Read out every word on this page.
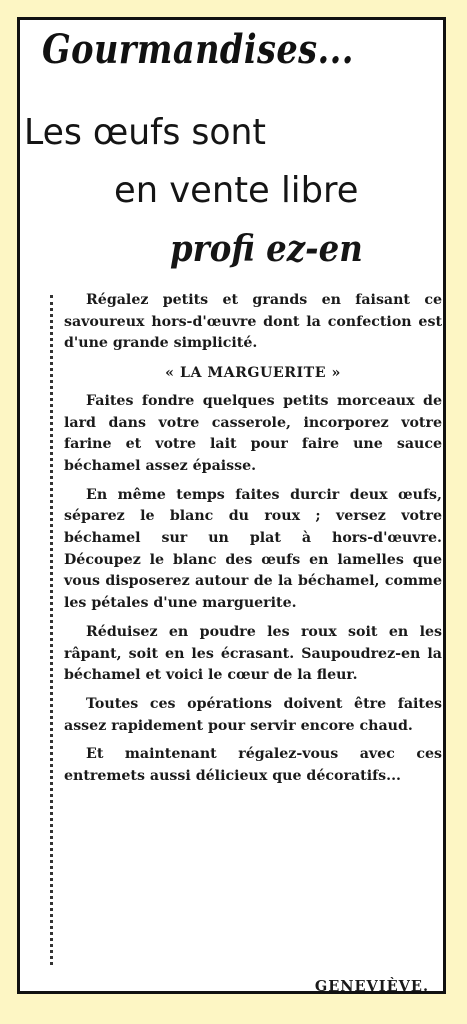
Gourmandises...
Les œufs sont
en vente libre
profi ez-en

Régalez petits et grands en faisant ce savoureux hors-d'œuvre dont la confection est d'une grande simplicité.

« LA MARGUERITE »

Faites fondre quelques petits morceaux de lard dans votre casserole, incorporez votre farine et votre lait pour faire une sauce béchamel assez épaisse.

En même temps faites durcir deux œufs, séparez le blanc du roux ; versez votre béchamel sur un plat à hors-d'œuvre. Découpez le blanc des œufs en lamelles que vous disposerez autour de la béchamel, comme les pétales d'une marguerite.

Réduisez en poudre les roux soit en les râpant, soit en les écrasant. Saupoudrez-en la béchamel et voici le cœur de la fleur.

Toutes ces opérations doivent être faites assez rapidement pour servir encore chaud.

Et maintenant régalez-vous avec ces entremets aussi délicieux que décoratifs...

GENEVIÈVE.
